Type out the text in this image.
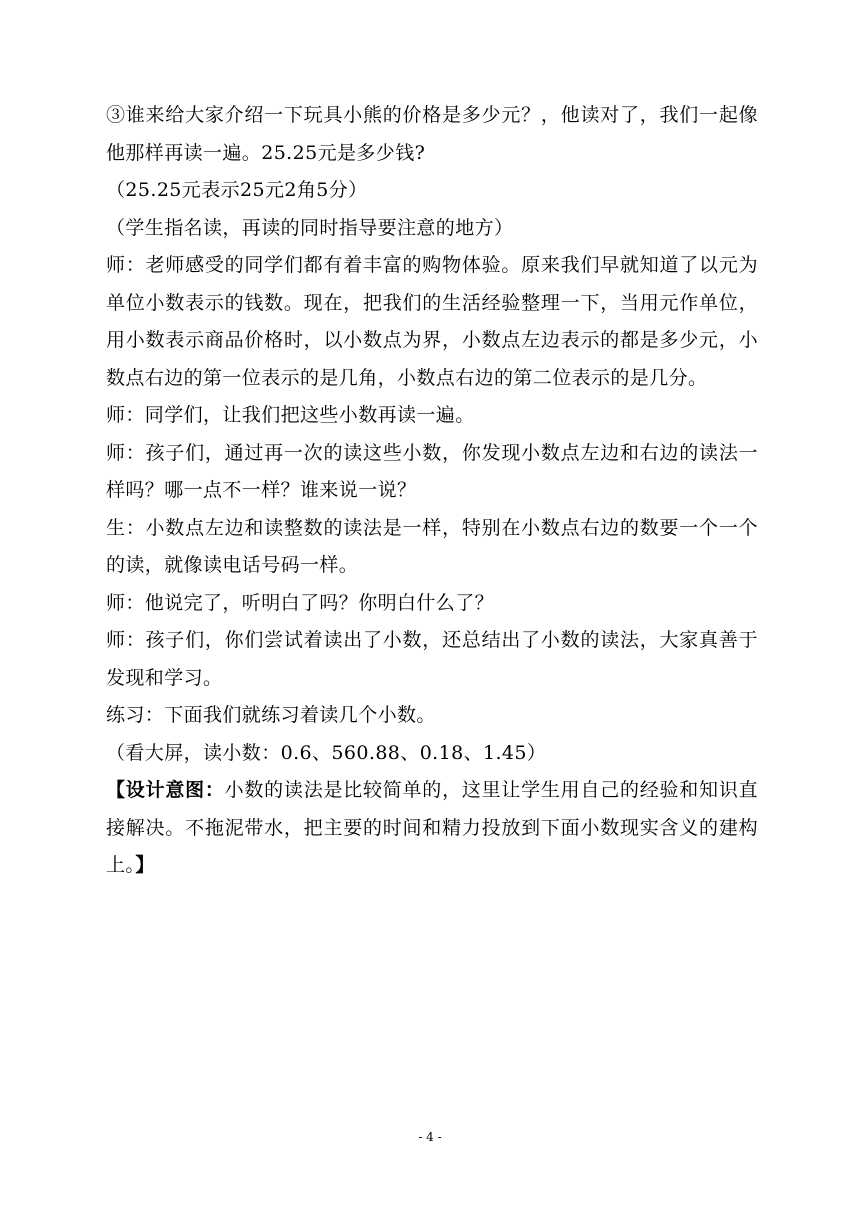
③谁来给大家介绍一下玩具小熊的价格是多少元？，他读对了，我们一起像他那样再读一遍。25.25元是多少钱?

（25.25元表示25元2角5分）

（学生指名读，再读的同时指导要注意的地方）

师：老师感受的同学们都有着丰富的购物体验。原来我们早就知道了以元为单位小数表示的钱数。现在，把我们的生活经验整理一下，当用元作单位，用小数表示商品价格时，以小数点为界，小数点左边表示的都是多少元，小数点右边的第一位表示的是几角，小数点右边的第二位表示的是几分。

师：同学们，让我们把这些小数再读一遍。

师：孩子们，通过再一次的读这些小数，你发现小数点左边和右边的读法一样吗？哪一点不一样？谁来说一说？

生：小数点左边和读整数的读法是一样，特别在小数点右边的数要一个一个的读，就像读电话号码一样。

师：他说完了，听明白了吗？你明白什么了？

师：孩子们，你们尝试着读出了小数，还总结出了小数的读法，大家真善于发现和学习。

练习：下面我们就练习着读几个小数。

（看大屏，读小数：0.6、560.88、0.18、1.45）

【设计意图：小数的读法是比较简单的，这里让学生用自己的经验和知识直接解决。不拖泥带水，把主要的时间和精力投放到下面小数现实含义的建构上。】

- 4 -
